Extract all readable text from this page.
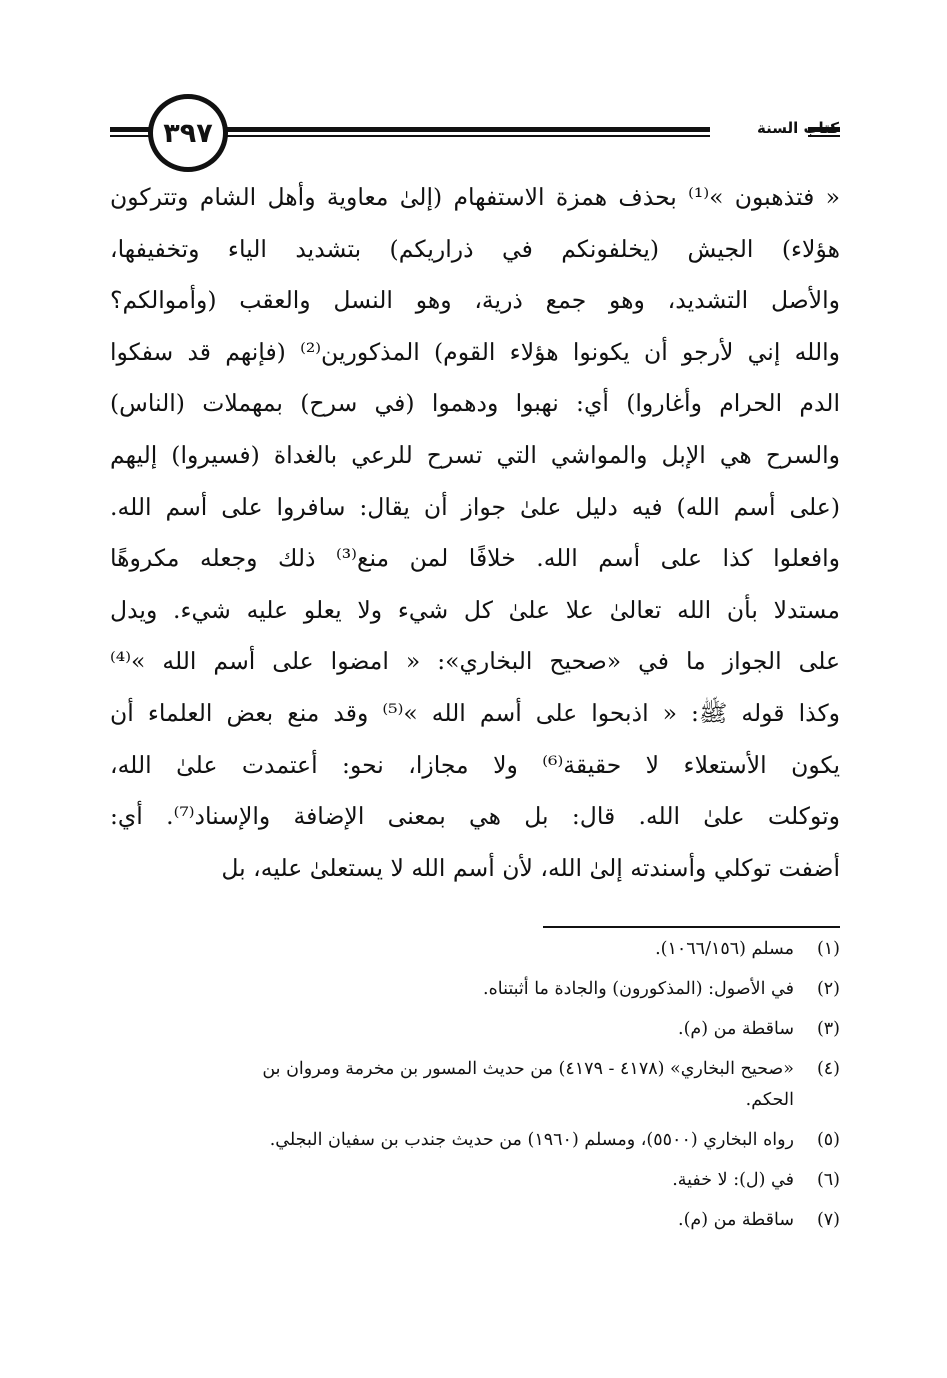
٣٩٧	كتاب السنة
« فتذهبون »⁽¹⁾ بحذف همزة الاستفهام (إلىٰ معاوية وأهل الشام وتتركون
هؤلاء) الجيش (يخلفونكم في ذراريكم) بتشديد الياء وتخفيفها،
والأصل التشديد، وهو جمع ذرية، وهو النسل والعقب (وأموالكم؟
والله إني لأرجو أن يكونوا هؤلاء القوم) المذكورين⁽²⁾ (فإنهم قد سفكوا
الدم الحرام وأغاروا) أي: نهبوا ودهموا (في سرح) بمهملات (الناس)
والسرح هي الإبل والمواشي التي تسرح للرعي بالغداة (فسيروا) إليهم
(على أسم الله) فيه دليل علىٰ جواز أن يقال: سافروا على أسم الله.
وافعلوا كذا على أسم الله. خلافًا لمن منع⁽³⁾ ذلك وجعله مكروهًا
مستدلا بأن الله تعالىٰ علا علىٰ كل شيء ولا يعلو عليه شيء. ويدل
على الجواز ما في «صحيح البخاري»: « امضوا على أسم الله »⁽⁴⁾
وكذا قوله ﷺ: « اذبحوا على أسم الله »⁽⁵⁾ وقد منع بعض العلماء أن
يكون الأستعلاء لا حقيقة⁽⁶⁾ ولا مجازا، نحو: أعتمدت علىٰ الله،
وتوكلت علىٰ الله. قال: بل هي بمعنى الإضافة والإسناد⁽⁷⁾. أي:
أضفت توكلي وأسندته إلىٰ الله، لأن أسم الله لا يستعلىٰ عليه، بل
(١)
مسلم (١٠٦٦/١٥٦).
(٢)
في الأصول: (المذكورون) والجادة ما أثبتناه.
(٣)
ساقطة من (م).
(٤)
«صحيح البخاري» (٤١٧٨ - ٤١٧٩) من حديث المسور بن مخرمة ومروان بن
الحكم.
(٥)
رواه البخاري (٥٥٠٠)، ومسلم (١٩٦٠) من حديث جندب بن سفيان البجلي.
(٦)
في (ل): لا خفية.
(٧)
ساقطة من (م).
